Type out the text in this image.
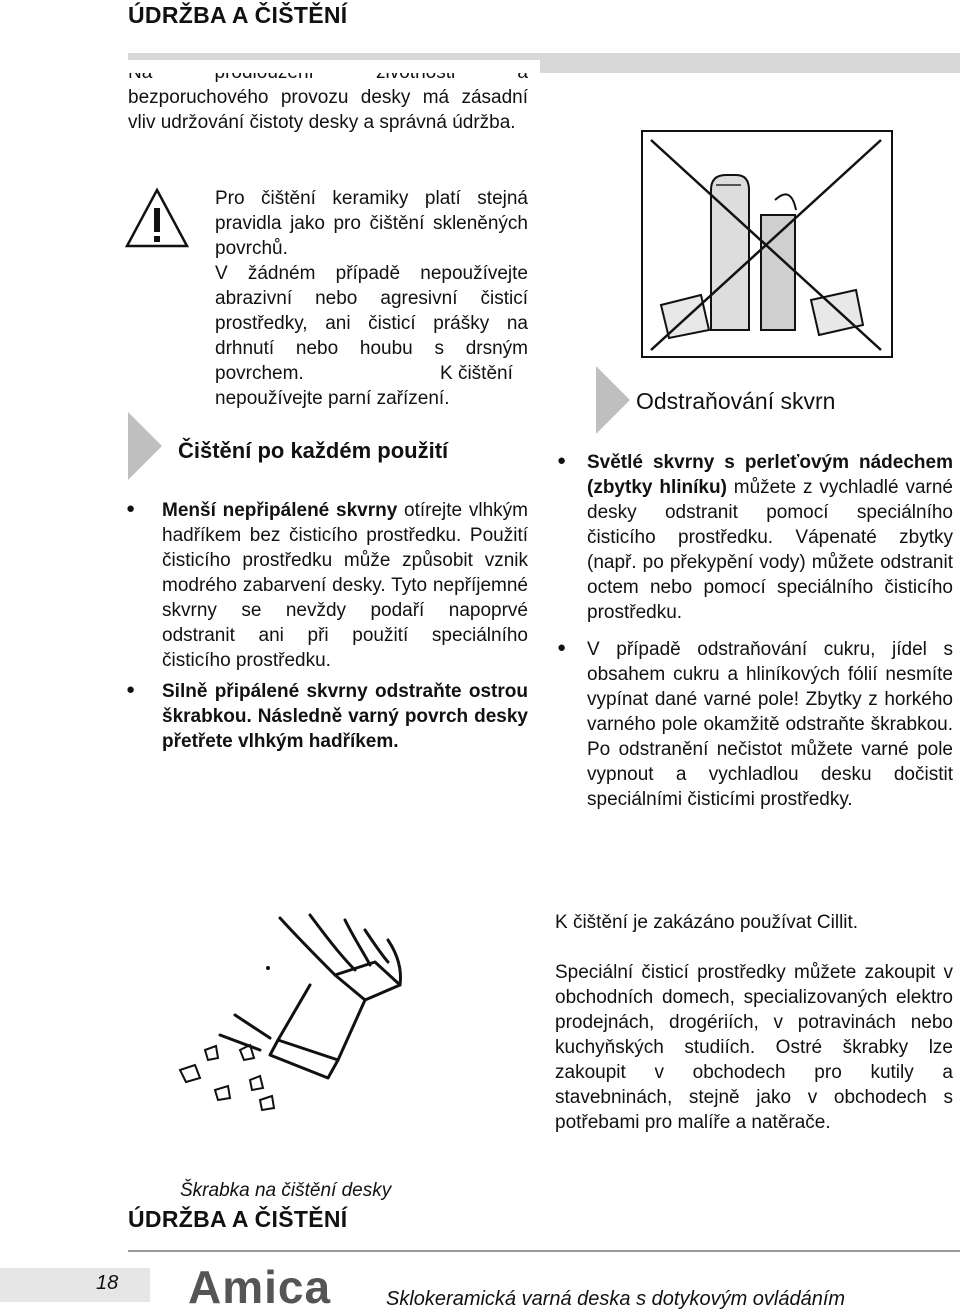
ÚDRŽBA A ČIŠTĚNÍ

bezporuchového provozu desky má zásadní vliv udržování čistoty desky a správná údržba.

Pro čištění keramiky platí stejná pravidla jako pro čištění skleněných povrchů.

V žádném případě nepoužívejte abrazivní nebo agresivní čisticí prostředky, ani čisticí prášky na drhnutí nebo houbu s drsným povrchem.	K čištění
nepoužívejte parní zařízení.
Čištění po každém použití
● Menší nepřipálené skvrny otírejte vlhkým hadříkem bez čisticího prostředku. Použití čisticího prostředku může způsobit vznik modrého zabarvení desky. Tyto nepříjemné skvrny se nevždy podaří napoprvé odstranit ani při použití speciálního čisticího prostředku.

● Silně připálené skvrny odstraňte ostrou škrabkou. Následně varný povrch desky přetřete vlhkým hadříkem.

Škrabka na čištění desky
ÚDRŽBA A ČIŠTĚNÍ
Odstraňování skvrn
● Světlé skvrny s perleťovým nádechem (zbytky hliníku) můžete z vychladlé varné desky odstranit pomocí speciálního čisticího prostředku. Vápenaté zbytky (např. po překypění vody) můžete odstranit octem nebo pomocí speciálního čisticího prostředku.

● V případě odstraňování cukru, jídel s obsahem cukru a hliníkových fólií nesmíte vypínat dané varné pole! Zbytky z horkého varného pole okamžitě odstraňte škrabkou. Po odstranění nečistot můžete varné pole vypnout a vychladlou desku dočistit speciálními čisticími prostředky.

K čištění je zakázáno používat Cillit.

Speciální čisticí prostředky můžete zakoupit v obchodních domech, specializovaných elektro prodejnách, drogériích, v potravinách nebo kuchyňských studiích. Ostré škrabky lze zakoupit v obchodech pro kutily a stavebninách, stejně jako v obchodech s potřebami pro malíře a natěrače.

18 Amica	Sklokeramická varná deska s dotykovým ovládáním
